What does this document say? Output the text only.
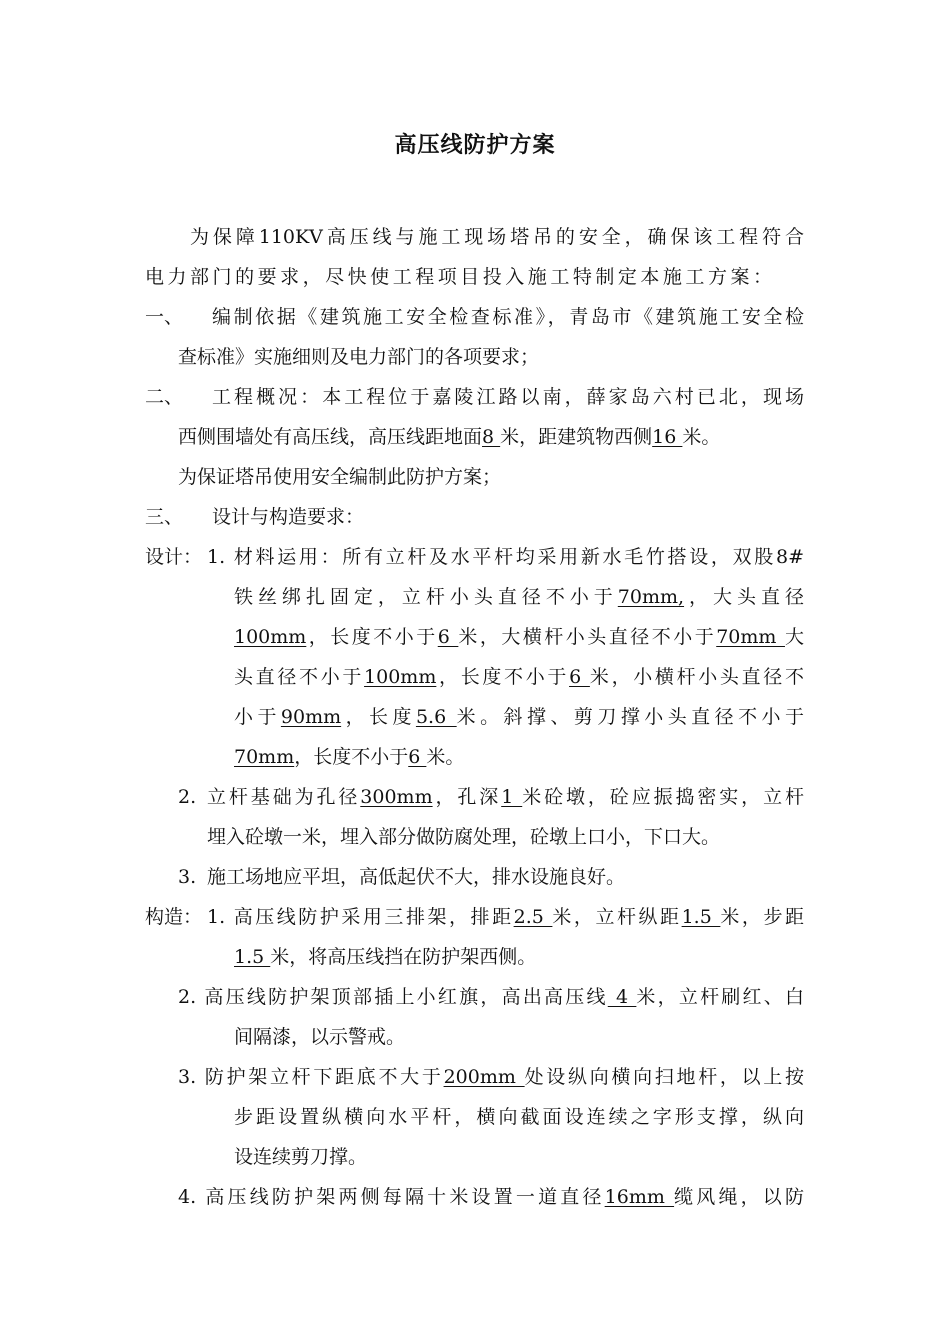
高压线防护方案
为保障110KV高压线与施工现场塔吊的安全，确保该工程符合
电力部门的要求，尽快使工程项目投入施工特制定本施工方案：
一、 编制依据《建筑施工安全检查标准》，青岛市《建筑施工安全检
查标准》实施细则及电力部门的各项要求；
二、 工程概况：本工程位于嘉陵江路以南，薛家岛六村已北，现场
西侧围墙处有高压线，高压线距地面8 米，距建筑物西侧16 米。
为保证塔吊使用安全编制此防护方案；
三、 设计与构造要求：
设计： 1. 材料运用：所有立杆及水平杆均采用新水毛竹搭设，双股8#
铁丝绑扎固定，立杆小头直径不小于70mm,，大头直径
100mm，长度不小于6 米，大横杆小头直径不小于70mm 大
头直径不小于100mm，长度不小于6 米，小横杆小头直径不
小于90mm，长度5.6 米。斜撑、剪刀撑小头直径不小于
70mm，长度不小于6 米。
2. 立杆基础为孔径300mm，孔深1 米砼墩，砼应振捣密实，立杆
埋入砼墩一米，埋入部分做防腐处理，砼墩上口小，下口大。
3. 施工场地应平坦，高低起伏不大，排水设施良好。
构造： 1. 高压线防护采用三排架，排距2.5 米，立杆纵距1.5 米，步距
1.5 米，将高压线挡在防护架西侧。
2. 高压线防护架顶部插上小红旗，高出高压线 4 米，立杆刷红、白
间隔漆，以示警戒。
3. 防护架立杆下距底不大于200mm 处设纵向横向扫地杆，以上按
步距设置纵横向水平杆，横向截面设连续之字形支撑，纵向
设连续剪刀撑。
4. 高压线防护架两侧每隔十米设置一道直径16mm 缆风绳，以防
